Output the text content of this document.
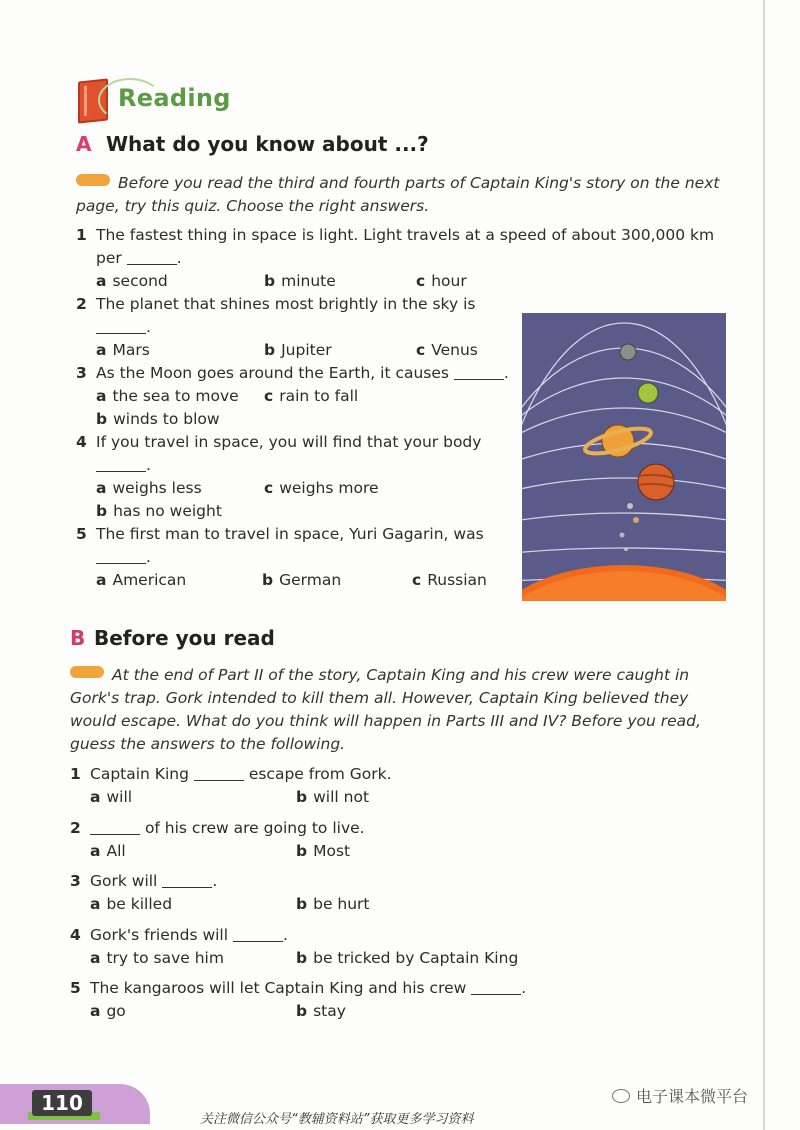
Reading
A What do you know about ...?
Before you read the third and fourth parts of Captain King's story on the next
page, try this quiz. Choose the right answers.
1 The fastest thing in space is light. Light travels at a speed of about 300,000 km
per	.
a second	b minute	c hour
2 The planet that shines most brightly in the sky is
.
a Mars	b Jupiter	c Venus
3 As the Moon goes around the Earth, it causes	.
a the sea to move c rain to fall
b winds to blow
4 If you travel in space, you will find that your body
.
a weighs less	c weighs more
b has no weight
5 The first man to travel in space, Yuri Gagarin, was
.
a American	b German	c Russian
B Before you read
At the end of Part II of the story, Captain King and his crew were caught in
Gork's trap. Gork intended to kill them all. However, Captain King believed they
would escape. What do you think will happen in Parts III and IV? Before you read,
guess the answers to the following.
1 Captain King	escape from Gork.
a will	b will not
2	of his crew are going to live.
a All	b Most
3 Gork will	.
a be killed	b be hurt
4 Gork's friends will	.
a try to save him	b be tricked by Captain King
5 The kangaroos will let Captain King and his crew	.
a go	b stay
110	电子课本微平台
关注微信公众号“教辅资料站”获取更多学习资料
